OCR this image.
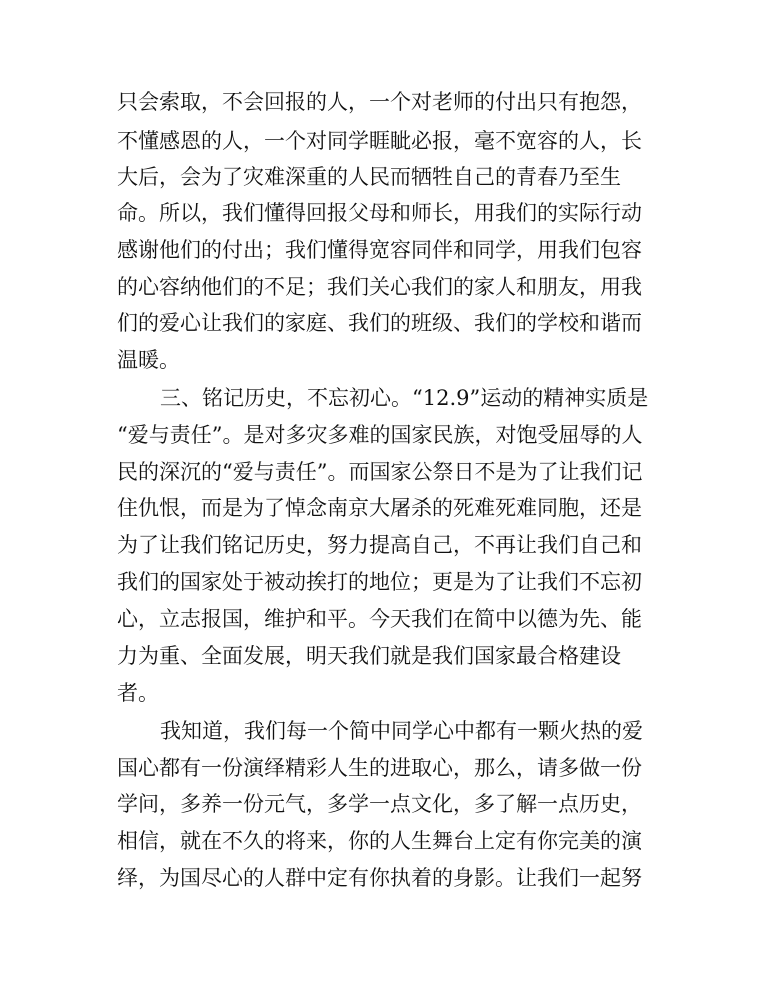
只会索取，不会回报的人，一个对老师的付出只有抱怨，

不懂感恩的人，一个对同学睚眦必报，毫不宽容的人，长

大后，会为了灾难深重的人民而牺牲自己的青春乃至生

命。所以，我们懂得回报父母和师长，用我们的实际行动

感谢他们的付出；我们懂得宽容同伴和同学，用我们包容

的心容纳他们的不足；我们关心我们的家人和朋友，用我

们的爱心让我们的家庭、我们的班级、我们的学校和谐而

温暖。

三、铭记历史，不忘初心。“12.9”运动的精神实质是

“爱与责任”。是对多灾多难的国家民族，对饱受屈辱的人

民的深沉的“爱与责任”。而国家公祭日不是为了让我们记

住仇恨，而是为了悼念南京大屠杀的死难死难同胞，还是

为了让我们铭记历史，努力提高自己，不再让我们自己和

我们的国家处于被动挨打的地位；更是为了让我们不忘初

心，立志报国，维护和平。今天我们在简中以德为先、能

力为重、全面发展，明天我们就是我们国家最合格建设

者。

我知道，我们每一个简中同学心中都有一颗火热的爱

国心都有一份演绎精彩人生的进取心，那么，请多做一份

学问，多养一份元气，多学一点文化，多了解一点历史，

相信，就在不久的将来，你的人生舞台上定有你完美的演

绎，为国尽心的人群中定有你执着的身影。让我们一起努
